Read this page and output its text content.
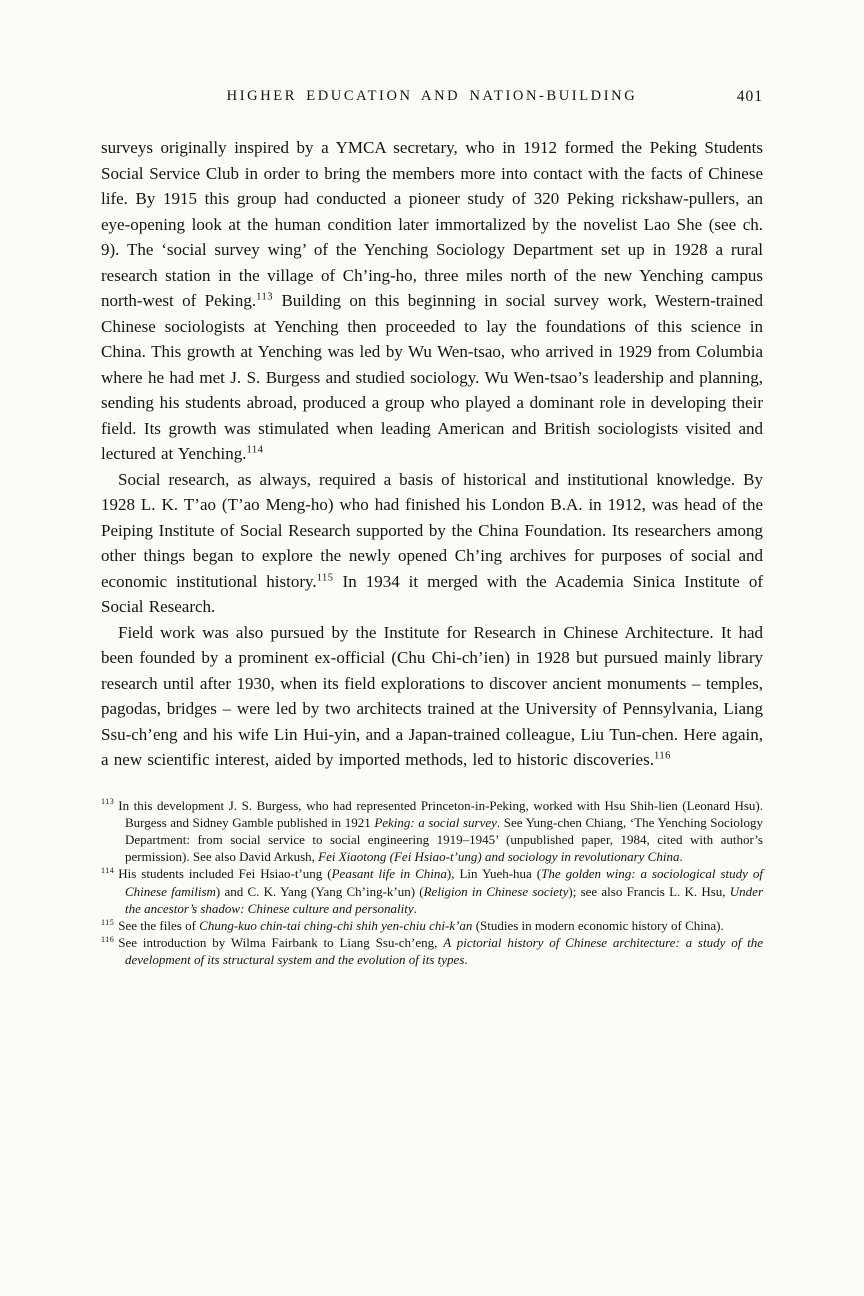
HIGHER EDUCATION AND NATION-BUILDING	401

surveys originally inspired by a YMCA secretary, who in 1912 formed the Peking Students Social Service Club in order to bring the members more into contact with the facts of Chinese life. By 1915 this group had conducted a pioneer study of 320 Peking rickshaw-pullers, an eye-opening look at the human condition later immortalized by the novelist Lao She (see ch. 9). The ‘social survey wing’ of the Yenching Sociology Department set up in 1928 a rural research station in the village of Ch’ing-ho, three miles north of the new Yenching campus north-west of Peking.$^{113}$ Building on this beginning in social survey work, Western-trained Chinese sociologists at Yenching then proceeded to lay the foundations of this science in China. This growth at Yenching was led by Wu Wen-tsao, who arrived in 1929 from Columbia where he had met J. S. Burgess and studied sociology. Wu Wen-tsao’s leadership and planning, sending his students abroad, produced a group who played a dominant role in developing their field. Its growth was stimulated when leading American and British sociologists visited and lectured at Yenching.$^{114}$

Social research, as always, required a basis of historical and institutional knowledge. By 1928 L. K. T’ao (T’ao Meng-ho) who had finished his London B.A. in 1912, was head of the Peiping Institute of Social Research supported by the China Foundation. Its researchers among other things began to explore the newly opened Ch’ing archives for purposes of social and economic institutional history.$^{115}$ In 1934 it merged with the Academia Sinica Institute of Social Research.

Field work was also pursued by the Institute for Research in Chinese Architecture. It had been founded by a prominent ex-official (Chu Chi-ch’ien) in 1928 but pursued mainly library research until after 1930, when its field explorations to discover ancient monuments – temples, pagodas, bridges – were led by two architects trained at the University of Pennsylvania, Liang Ssu-ch’eng and his wife Lin Hui-yin, and a Japan-trained colleague, Liu Tun-chen. Here again, a new scientific interest, aided by imported methods, led to historic discoveries.$^{116}$

$^{113}$ In this development J. S. Burgess, who had represented Princeton-in-Peking, worked with Hsu Shih-lien (Leonard Hsu). Burgess and Sidney Gamble published in 1921 Peking: a social survey. See Yung-chen Chiang, ‘The Yenching Sociology Department: from social service to social engineering 1919–1945’ (unpublished paper, 1984, cited with author’s permission). See also David Arkush, Fei Xiaotong (Fei Hsiao-t’ung) and sociology in revolutionary China.

$^{114}$ His students included Fei Hsiao-t’ung (Peasant life in China), Lin Yueh-hua (The golden wing: a sociological study of Chinese familism) and C. K. Yang (Yang Ch’ing-k’un) (Religion in Chinese society); see also Francis L. K. Hsu, Under the ancestor’s shadow: Chinese culture and personality.

$^{115}$ See the files of Chung-kuo chin-tai ching-chi shih yen-chiu chi-k’an (Studies in modern economic history of China).

$^{116}$ See introduction by Wilma Fairbank to Liang Ssu-ch’eng, A pictorial history of Chinese architecture: a study of the development of its structural system and the evolution of its types.
